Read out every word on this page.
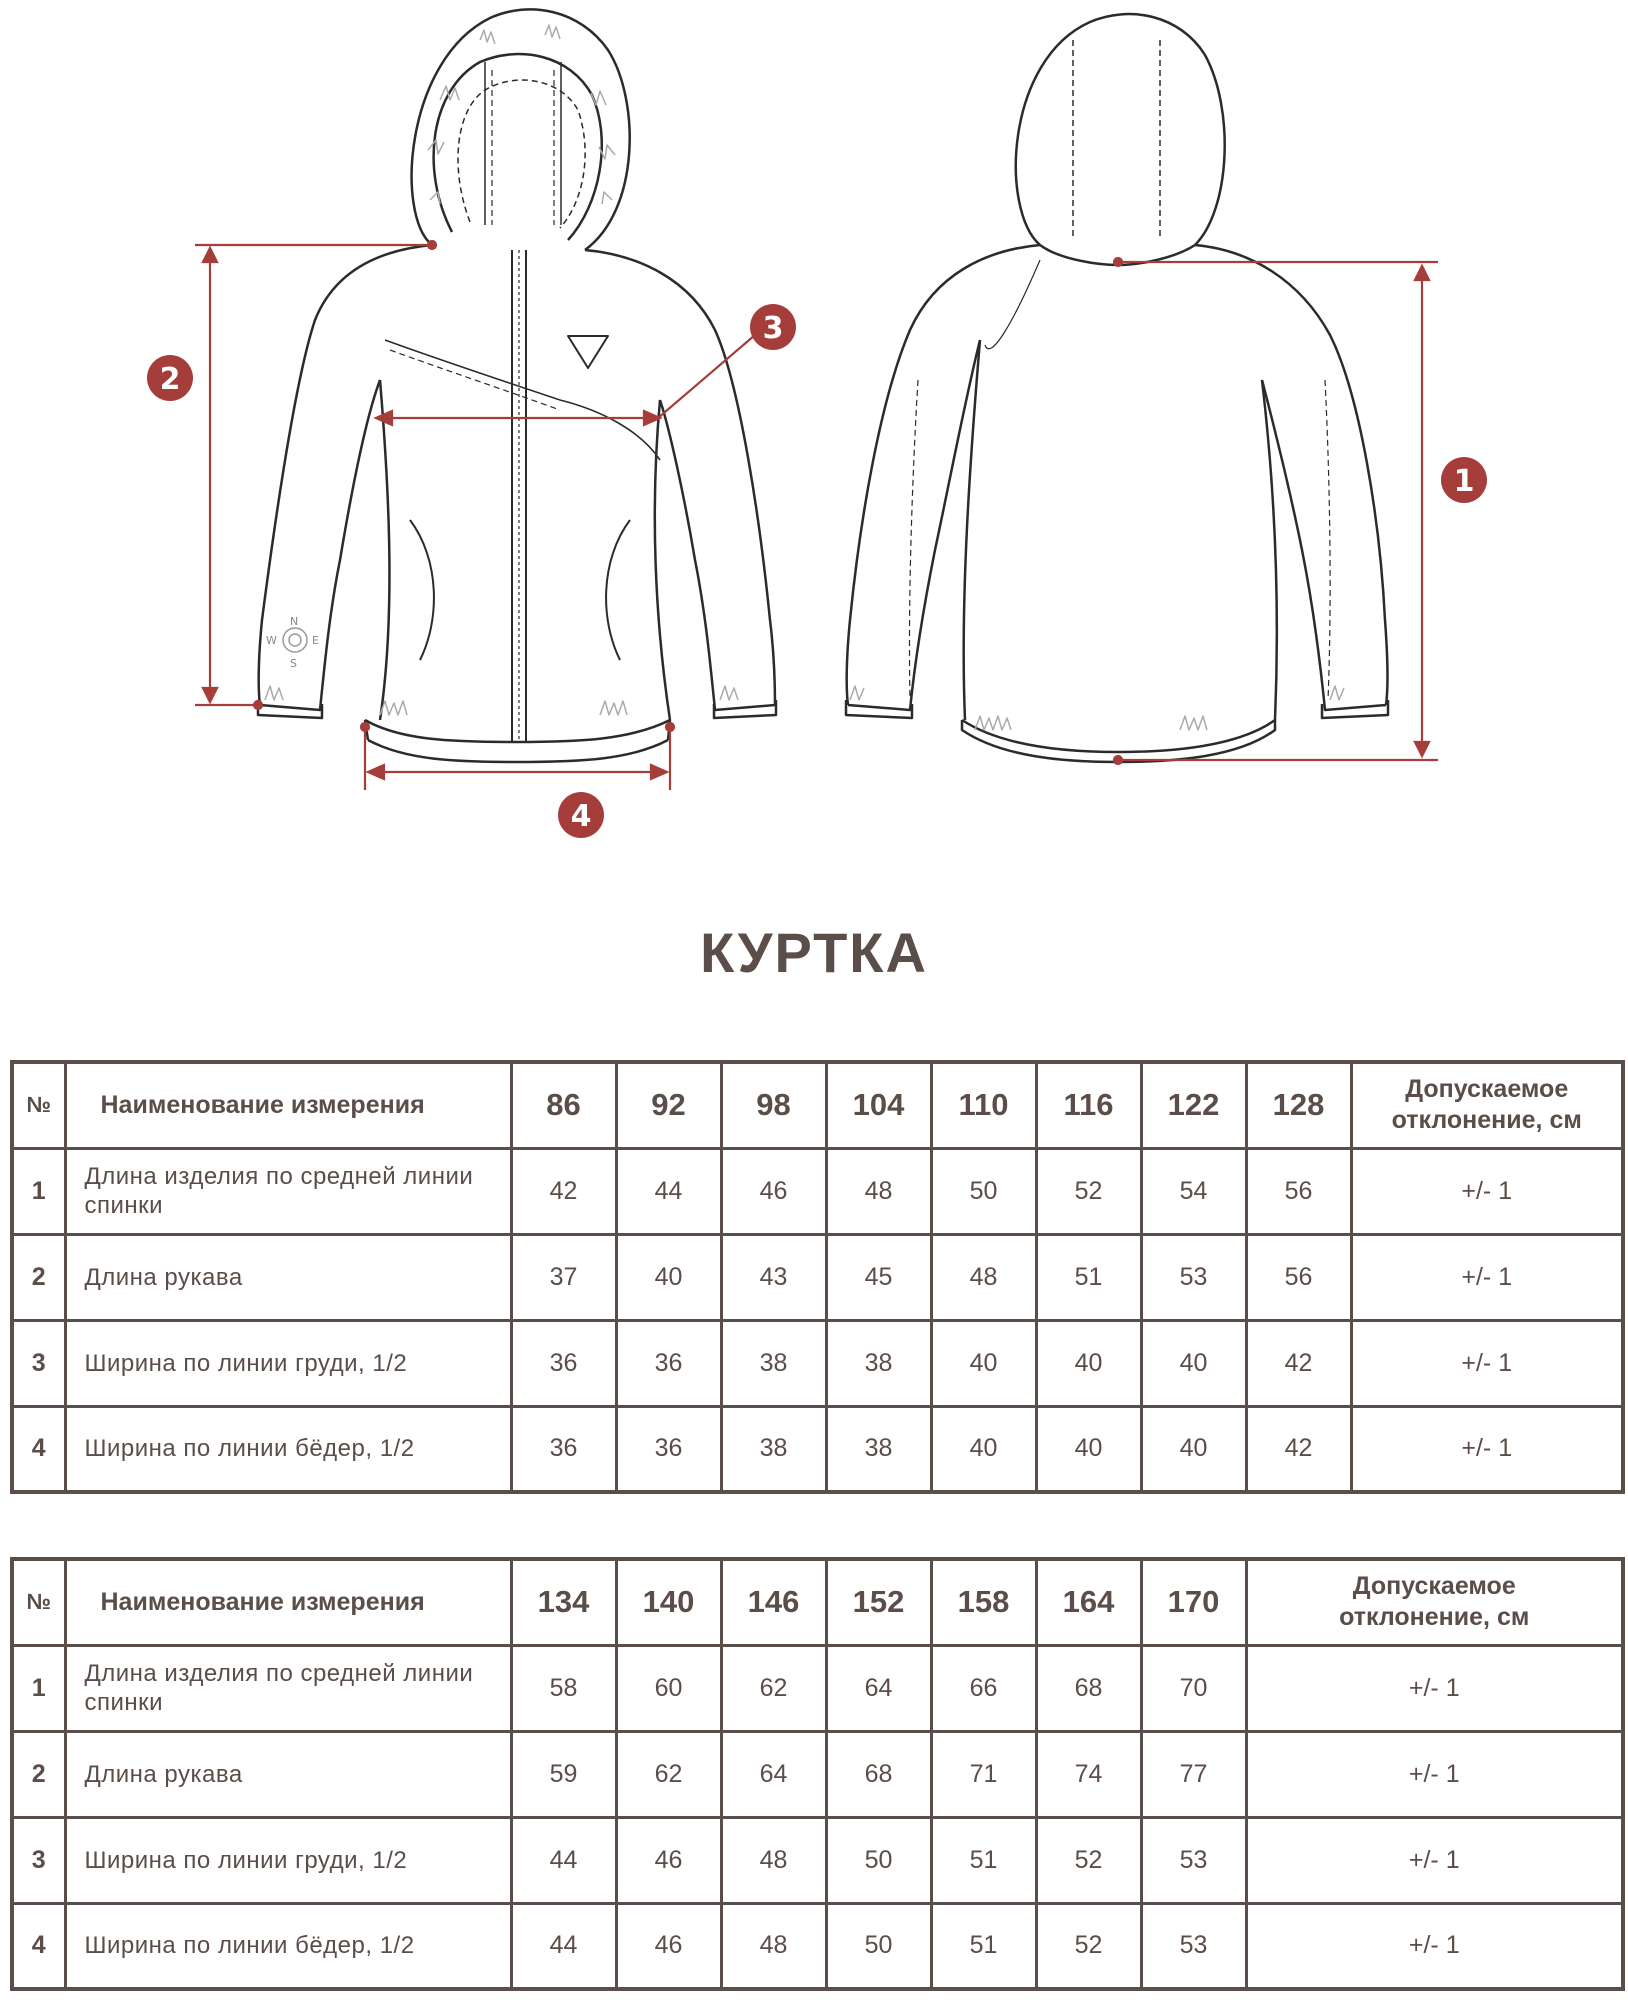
N
W	E
S
1
2
3
4
КУРТКА
№	Наименование измерения	86	92	98	104	110	116	122	128	Допускаемое
отклонение, см
1	Длина изделия по средней линии спинки	42	44	46	48	50	52	54	56	+/- 1
2	Длина рукава	37	40	43	45	48	51	53	56	+/- 1
3	Ширина по линии груди, 1/2	36	36	38	38	40	40	40	42	+/- 1
4	Ширина по линии бёдер, 1/2	36	36	38	38	40	40	40	42	+/- 1
№	Наименование измерения	134	140	146	152	158	164	170	Допускаемое
отклонение, см
1	Длина изделия по средней линии спинки	58	60	62	64	66	68	70	+/- 1
2	Длина рукава	59	62	64	68	71	74	77	+/- 1
3	Ширина по линии груди, 1/2	44	46	48	50	51	52	53	+/- 1
4	Ширина по линии бёдер, 1/2	44	46	48	50	51	52	53	+/- 1
